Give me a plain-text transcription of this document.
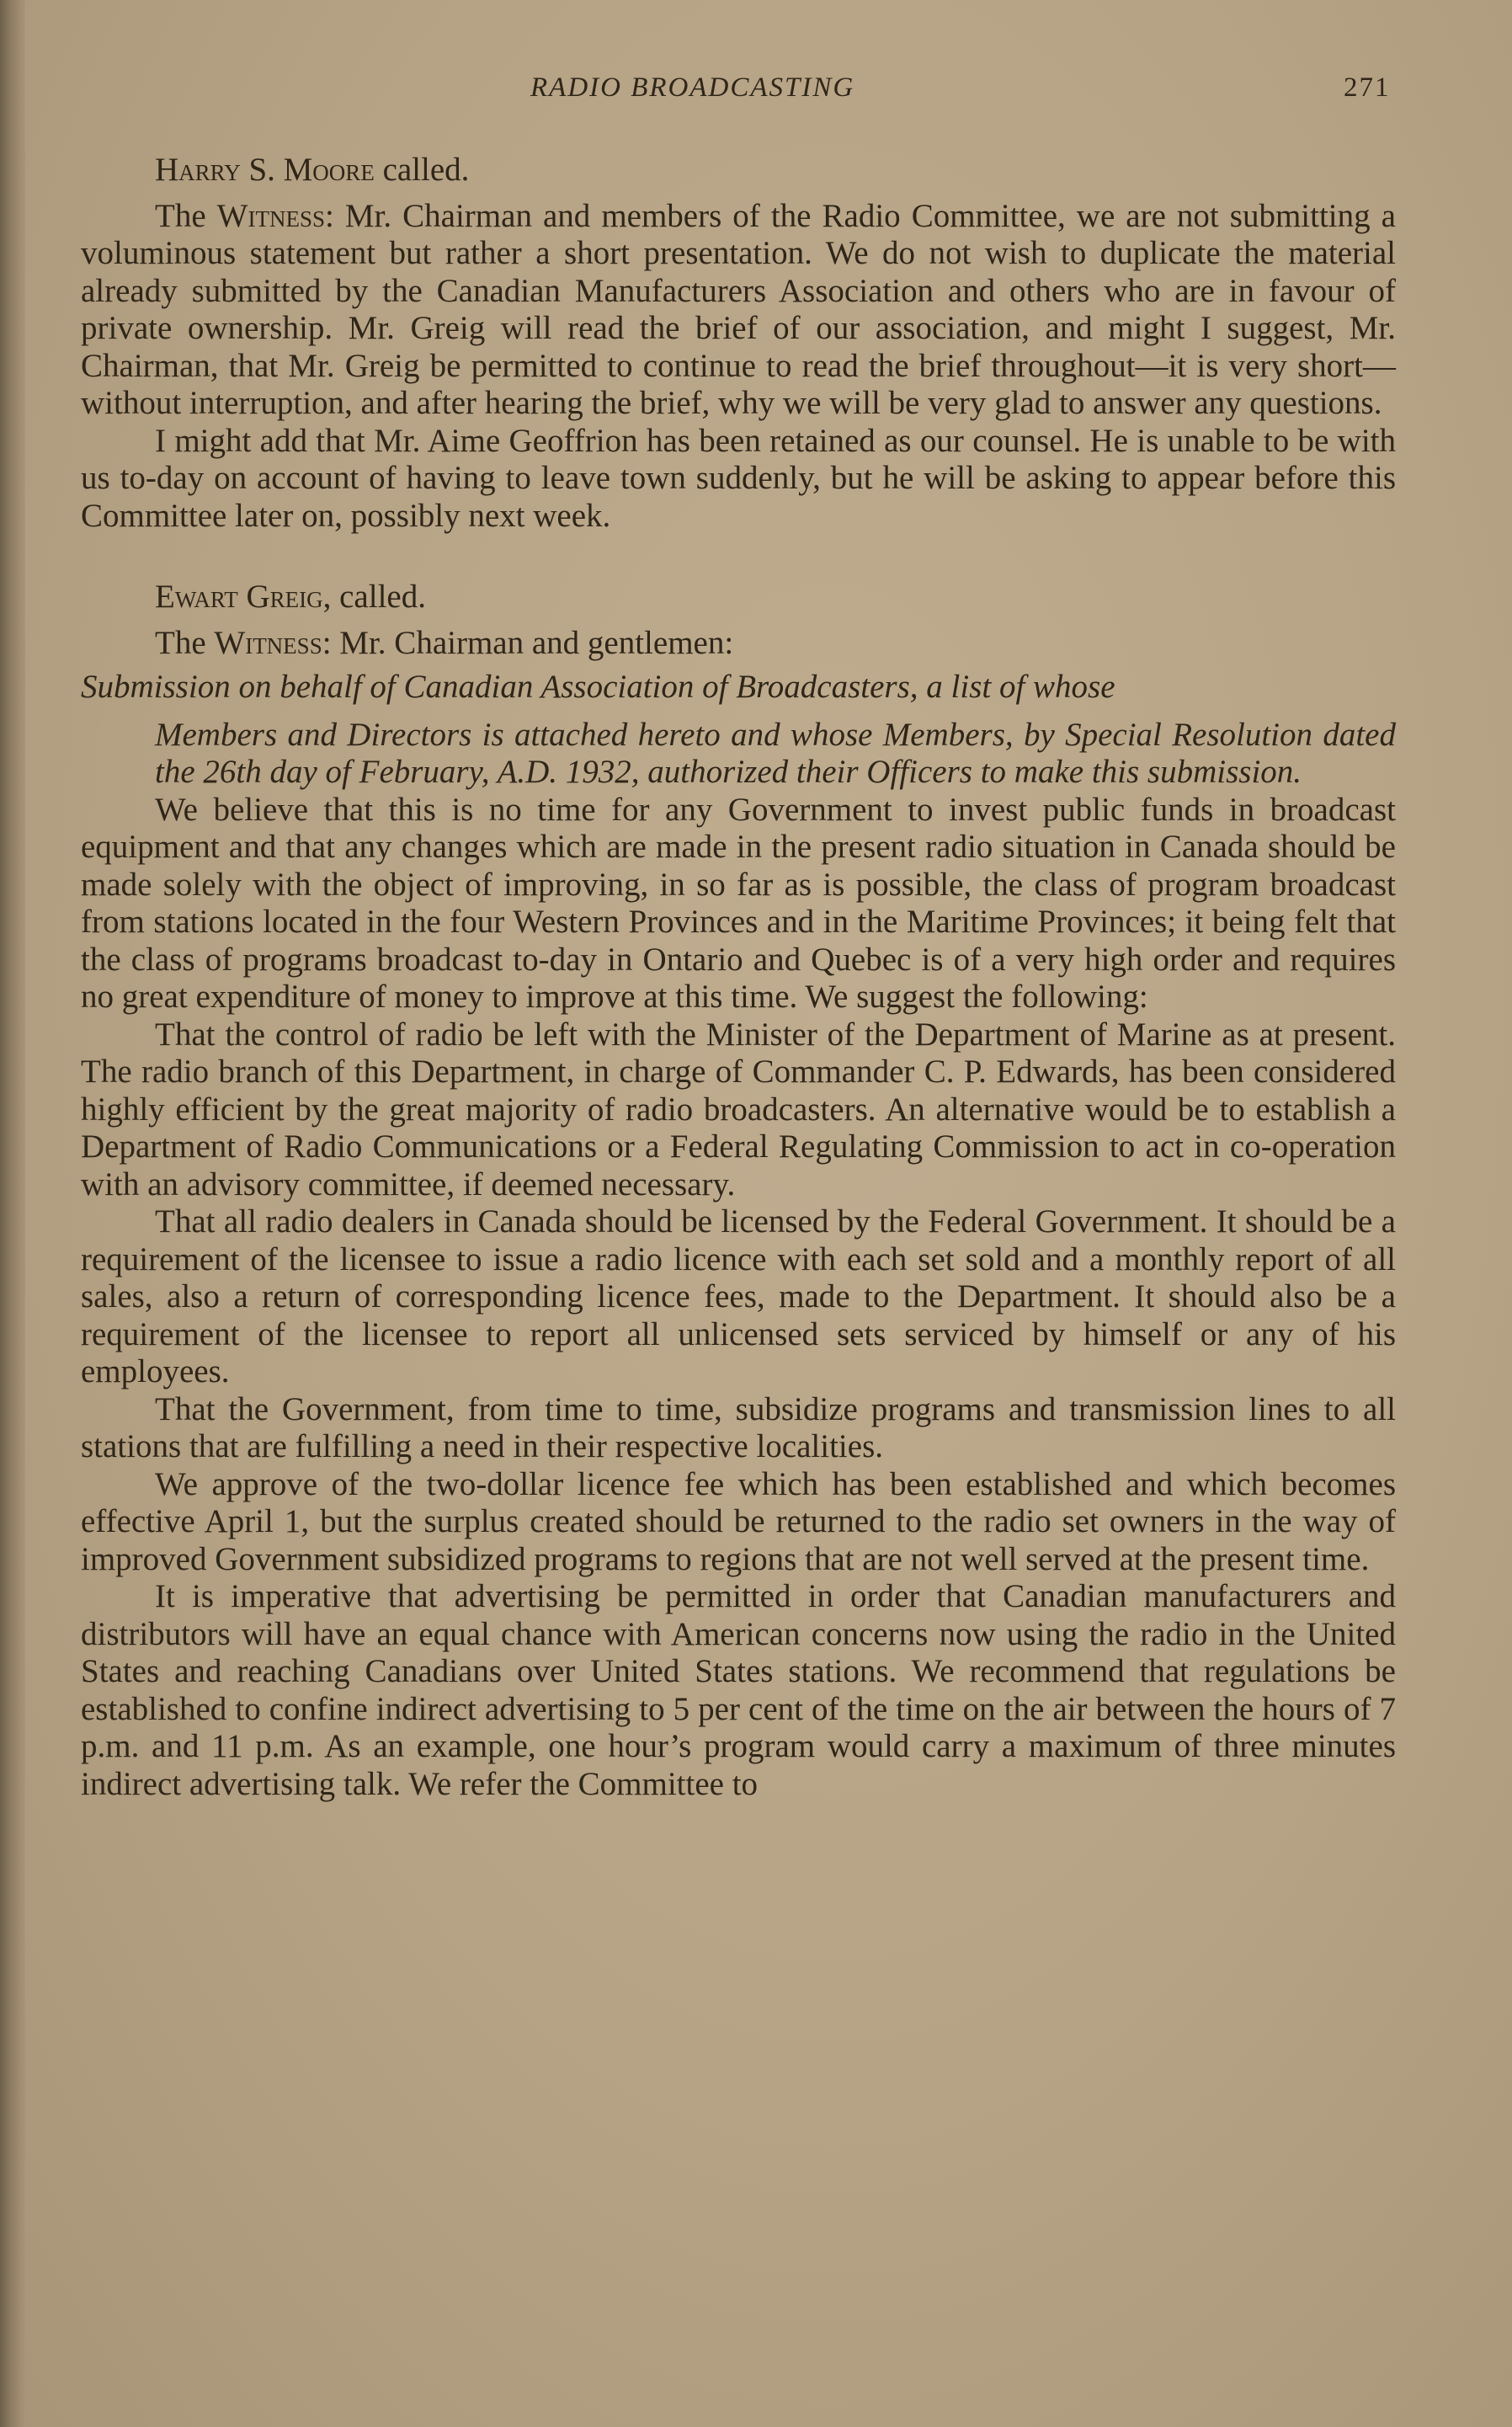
RADIO BROADCASTING	271

Harry S. Moore called.

The Witness: Mr. Chairman and members of the Radio Committee, we are not submitting a voluminous statement but rather a short presentation. We do not wish to duplicate the material already submitted by the Canadian Manufacturers Association and others who are in favour of private ownership. Mr. Greig will read the brief of our association, and might I suggest, Mr. Chairman, that Mr. Greig be permitted to continue to read the brief throughout—it is very short—without interruption, and after hearing the brief, why we will be very glad to answer any questions.

I might add that Mr. Aime Geoffrion has been retained as our counsel. He is unable to be with us to-day on account of having to leave town suddenly, but he will be asking to appear before this Committee later on, possibly next week.

Ewart Greig, called.

The Witness: Mr. Chairman and gentlemen:

Submission on behalf of Canadian Association of Broadcasters, a list of whose

Members and Directors is attached hereto and whose Members, by Special Resolution dated the 26th day of February, A.D. 1932, authorized their Officers to make this submission.

We believe that this is no time for any Government to invest public funds in broadcast equipment and that any changes which are made in the present radio situation in Canada should be made solely with the object of improving, in so far as is possible, the class of program broadcast from stations located in the four Western Provinces and in the Maritime Provinces; it being felt that the class of programs broadcast to-day in Ontario and Quebec is of a very high order and requires no great expenditure of money to improve at this time. We suggest the following:

That the control of radio be left with the Minister of the Department of Marine as at present. The radio branch of this Department, in charge of Commander C. P. Edwards, has been considered highly efficient by the great majority of radio broadcasters. An alternative would be to establish a Department of Radio Communications or a Federal Regulating Commission to act in co-operation with an advisory committee, if deemed necessary.

That all radio dealers in Canada should be licensed by the Federal Government. It should be a requirement of the licensee to issue a radio licence with each set sold and a monthly report of all sales, also a return of corresponding licence fees, made to the Department. It should also be a requirement of the licensee to report all unlicensed sets serviced by himself or any of his employees.

That the Government, from time to time, subsidize programs and transmission lines to all stations that are fulfilling a need in their respective localities.

We approve of the two-dollar licence fee which has been established and which becomes effective April 1, but the surplus created should be returned to the radio set owners in the way of improved Government subsidized programs to regions that are not well served at the present time.

It is imperative that advertising be permitted in order that Canadian manufacturers and distributors will have an equal chance with American concerns now using the radio in the United States and reaching Canadians over United States stations. We recommend that regulations be established to confine indirect advertising to 5 per cent of the time on the air between the hours of 7 p.m. and 11 p.m. As an example, one hour’s program would carry a maximum of three minutes indirect advertising talk. We refer the Committee to
